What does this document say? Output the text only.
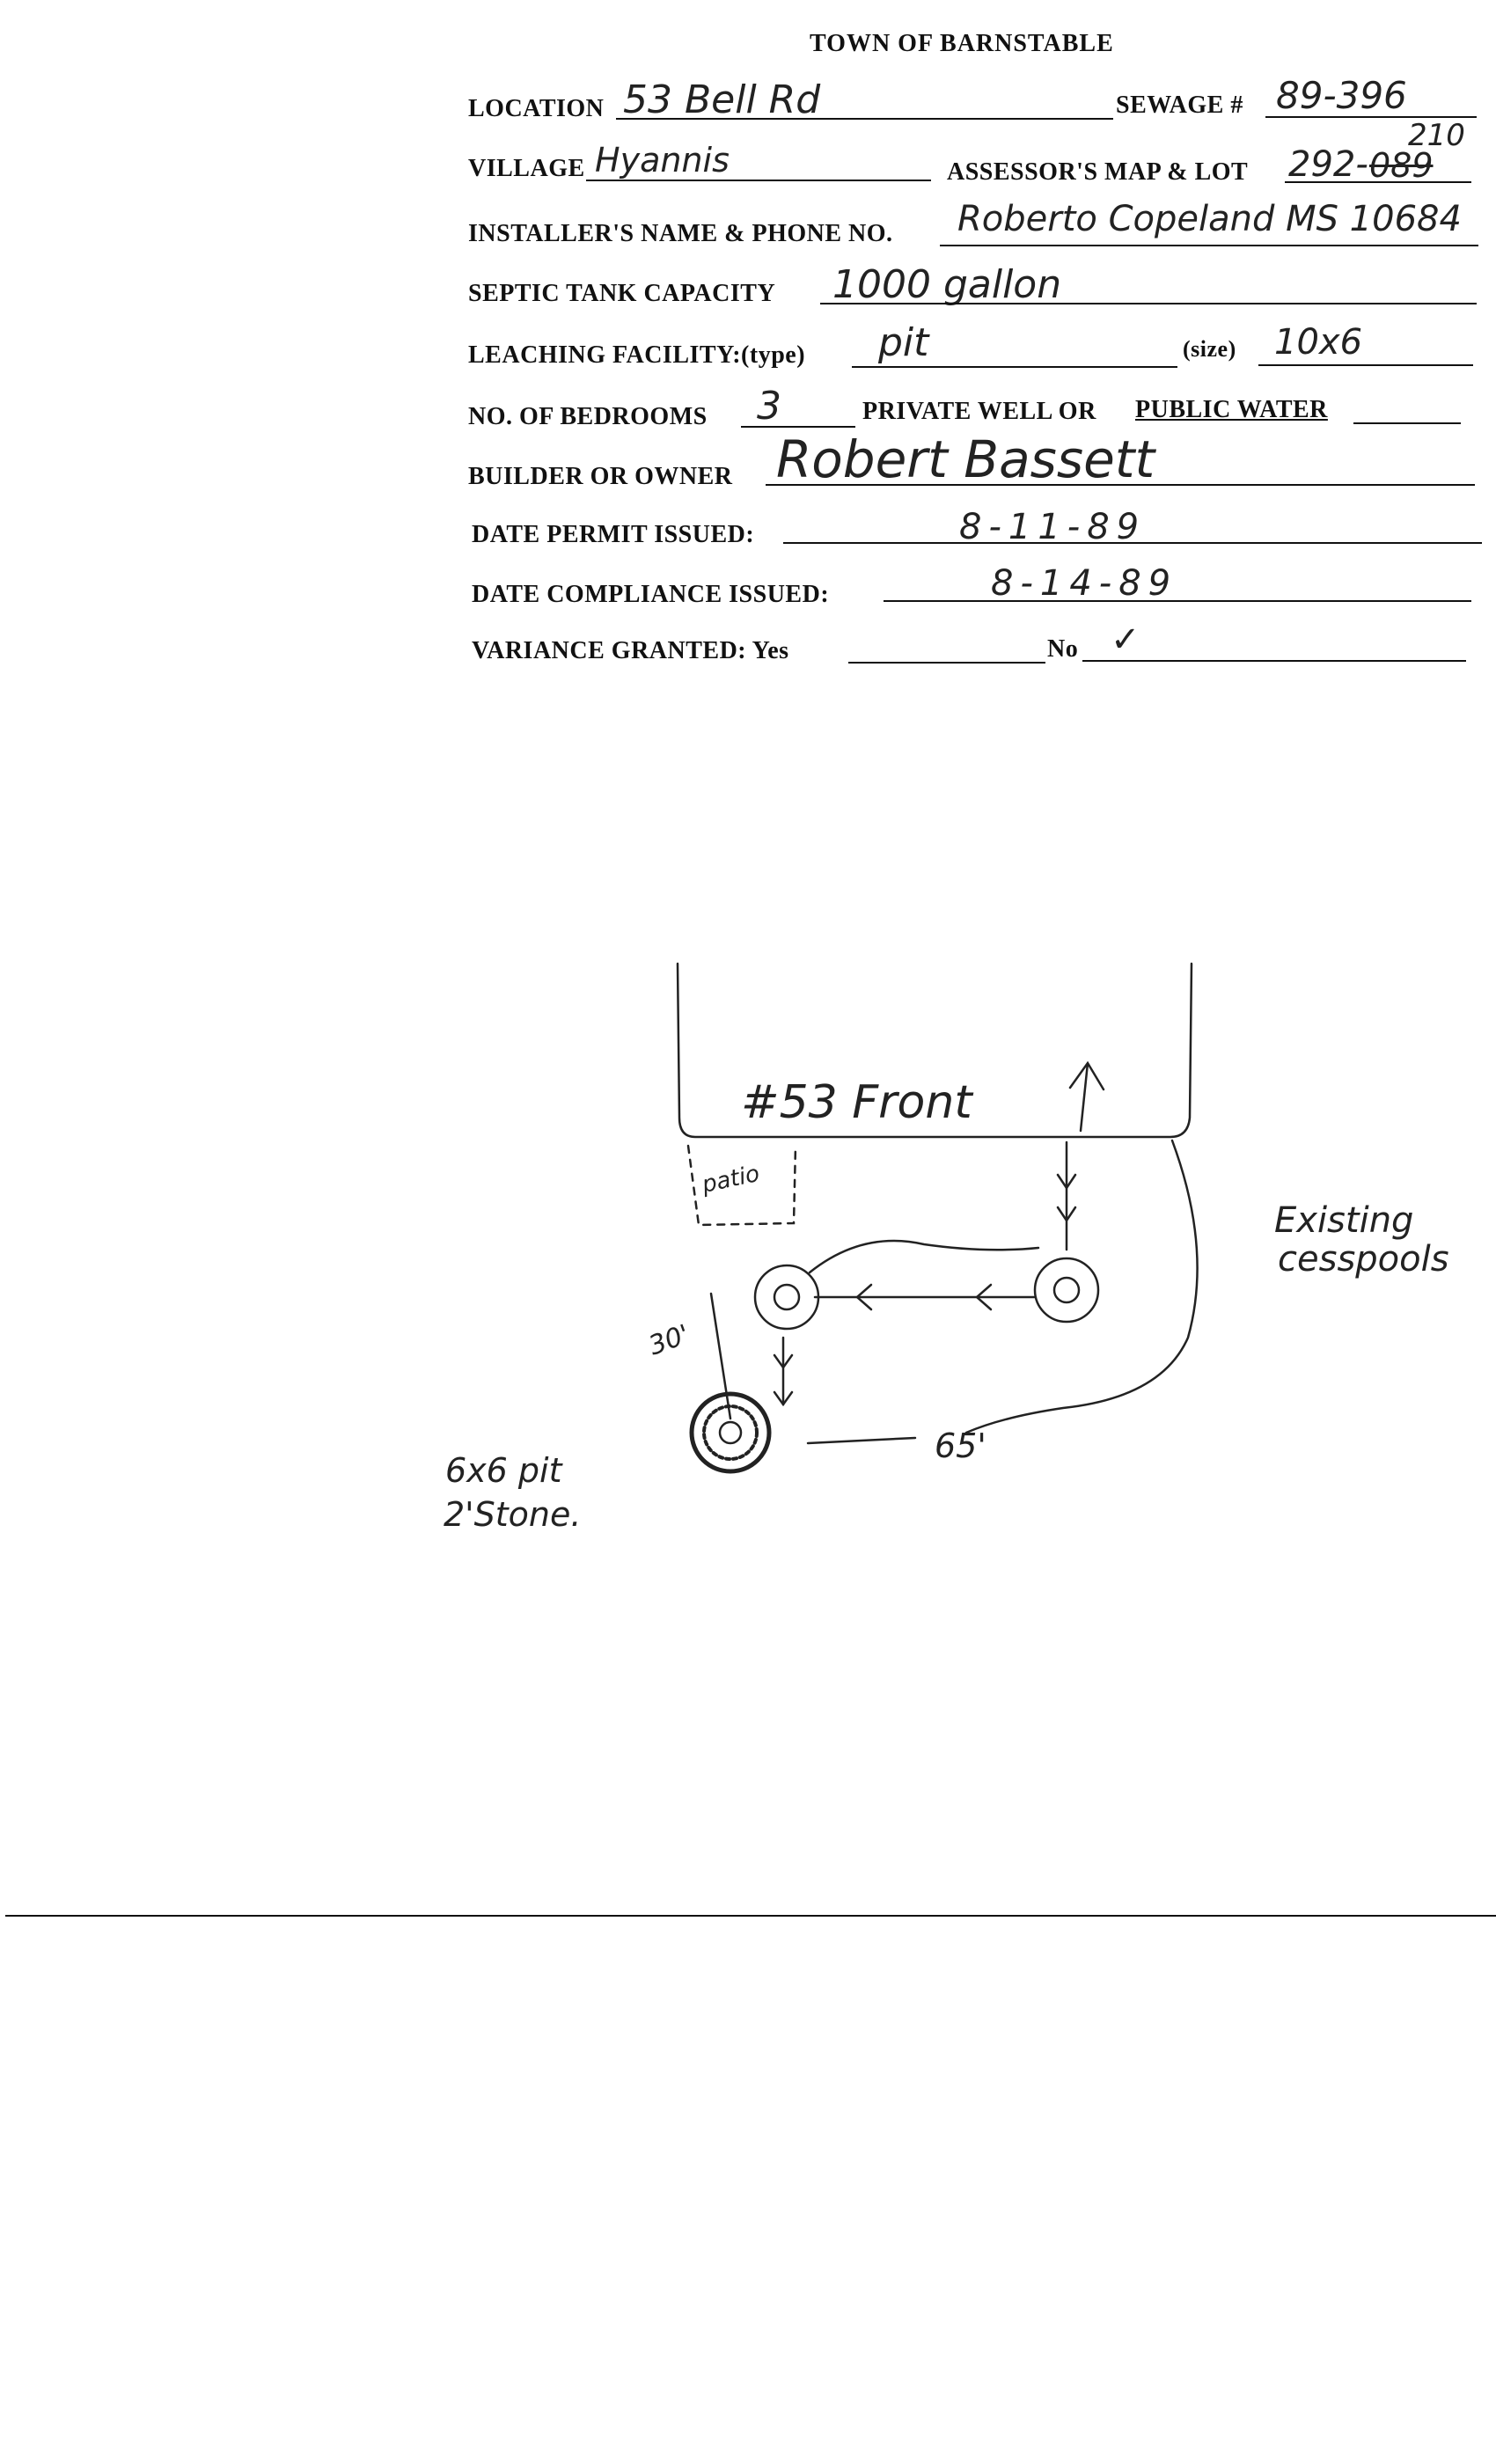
TOWN OF BARNSTABLE
LOCATION 53 Bell Rd	SEWAGE # 89-396
VILLAGE Hyannis	ASSESSOR'S MAP & LOT 292- 089
210
INSTALLER'S NAME & PHONE NO. Roberto Copeland MS 10684
SEPTIC TANK CAPACITY 1000 gallon
LEACHING FACILITY:(type) pit	(size) 10x6
NO. OF BEDROOMS 3	PRIVATE WELL OR PUBLIC WATER
BUILDER OR OWNER Robert Bassett
DATE PERMIT ISSUED:	8-11-89
DATE COMPLIANCE ISSUED:	8-14-89
VARIANCE GRANTED: Yes	No ✓
#53 Front
patio
Existing
cesspools
30'
65'
6x6 pit
2'Stone.
